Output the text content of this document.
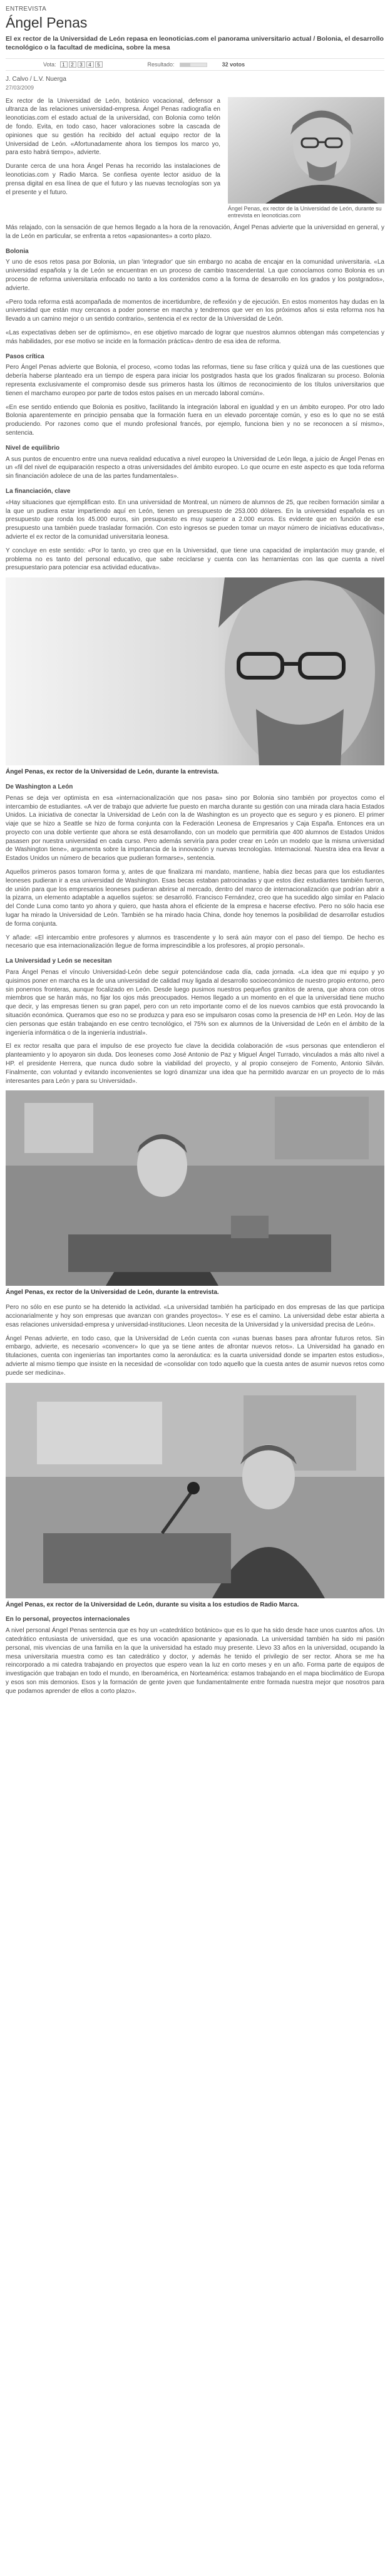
ENTREVISTA
Ángel Penas
El ex rector de la Universidad de León repasa en leonoticias.com el panorama universitario actual / Bolonia, el desarrollo tecnológico o la facultad de medicina, sobre la mesa
Vota:	1	2	3	4	5	Resultado:	32 votos
J. Calvo / L.V. Nuerga
27/03/2009
Ángel Penas, ex rector de la Universidad de León, durante su entrevista en leonoticias.com

Ex rector de la Universidad de León, botánico vocacional, defensor a ultranza de las relaciones universidad-empresa. Ángel Penas radiografía en leonoticias.com el estado actual de la universidad, con Bolonia como telón de fondo. Evita, en todo caso, hacer valoraciones sobre la cascada de opiniones que su gestión ha recibido del actual equipo rector de la Universidad de León. «Afortunadamente ahora los tiempos los marco yo, para esto habrá tiempo», advierte.

Durante cerca de una hora Ángel Penas ha recorrido las instalaciones de leonoticias.com y Radio Marca. Se confiesa oyente lector asiduo de la prensa digital en esa línea de que el futuro y las nuevas tecnologías son ya el presente y el futuro.

Más relajado, con la sensación de que hemos llegado a la hora de la renovación, Ángel Penas advierte que la universidad en general, y la de León en particular, se enfrenta a retos «apasionantes» a corto plazo.

Bolonia

Y uno de esos retos pasa por Bolonia, un plan 'integrador' que sin embargo no acaba de encajar en la comunidad universitaria. «La universidad española y la de León se encuentran en un proceso de cambio trascendental. La que conocíamos como Bolonia es un proceso de reforma universitaria enfocado no tanto a los contenidos como a la forma de desarrollo en los grados y los postgrados», advierte.

«Pero toda reforma está acompañada de momentos de incertidumbre, de reflexión y de ejecución. En estos momentos hay dudas en la universidad que están muy cercanos a poder ponerse en marcha y tendremos que ver en los próximos años si esta reforma nos ha llevado a un camino mejor o un sentido contrario», sentencia el ex rector de la Universidad de León.

«Las expectativas deben ser de optimismo», en ese objetivo marcado de lograr que nuestros alumnos obtengan más competencias y más habilidades, por ese motivo se incide en la formación práctica» dentro de esa idea de reforma.

Pasos crítica

Pero Ángel Penas advierte que Bolonia, el proceso, «como todas las reformas, tiene su fase crítica y quizá una de las cuestiones que debería haberse planteado era un tiempo de espera para iniciar los postgrados hasta que los grados finalizaran su proceso. Bolonia representa exclusivamente el compromiso desde sus primeros hasta los últimos de reconocimiento de los títulos universitarios que tienen el marchamo europeo por parte de todos estos países en un mercado laboral común».

«En ese sentido entiendo que Bolonia es positivo, facilitando la integración laboral en igualdad y en un ámbito europeo. Por otro lado Bolonia aparentemente en principio pensaba que la formación fuera en un elevado porcentaje común, y eso es lo que no se está produciendo. Por razones como que el mundo profesional francés, por ejemplo, funciona bien y no se reconocen a sí mismo», sentencia.

Nivel de equilibrio

A sus puntos de encuentro entre una nueva realidad educativa a nivel europeo la Universidad de León llega, a juicio de Ángel Penas en un «fil del nivel de equiparación respecto a otras universidades del ámbito europeo. Lo que ocurre en este aspecto es que toda reforma sin financiación adolece de una de las partes fundamentales».

La financiación, clave

«Hay situaciones que ejemplifican esto. En una universidad de Montreal, un número de alumnos de 25, que reciben formación similar a la que un pudiera estar impartiendo aquí en León, tienen un presupuesto de 253.000 dólares. En la universidad española es un presupuesto que ronda los 45.000 euros, sin presupuesto es muy superior a 2.000 euros. Es evidente que en función de ese presupuesto una también puede trasladar formación. Con esto ingresos se pueden tomar un mayor número de iniciativas educativas», advierte el ex rector de la comunidad universitaria leonesa.

Y concluye en este sentido: «Por lo tanto, yo creo que en la Universidad, que tiene una capacidad de implantación muy grande, el problema no es tanto del personal educativo, que sabe reciclarse y cuenta con las herramientas con las que cuenta a nivel presupuestario para potenciar esa actividad educativa».

Ángel Penas, ex rector de la Universidad de León, durante la entrevista.
De Washington a León

Penas se deja ver optimista en esa «internacionalización que nos pasa» sino por Bolonia sino también por proyectos como el intercambio de estudiantes. «A ver de trabajo que advierte fue puesto en marcha durante su gestión con una mirada clara hacia Estados Unidos. La iniciativa de conectar la Universidad de León con la de Washington es un proyecto que es seguro y es pionero. El primer viaje que se hizo a Seattle se hizo de forma conjunta con la Federación Leonesa de Empresarios y Caja España. Entonces era un proyecto con una doble vertiente que ahora se está desarrollando, con un modelo que permitiría que 400 alumnos de Estados Unidos pasasen por nuestra universidad en cada curso. Pero además serviría para poder crear en León un modelo que la misma universidad de Washington tiene», argumenta sobre la importancia de la innovación y nuevas tecnologías. Internacional. Nuestra idea era llevar a Estados Unidos un número de becarios que pudieran formarse», sentencia.

Aquellos primeros pasos tomaron forma y, antes de que finalizara mi mandato, mantiene, había diez becas para que los estudiantes leoneses pudieran ir a esa universidad de Washington. Esas becas estaban patrocinadas y que estos diez estudiantes también fueron, de unión para que los empresarios leoneses pudieran abrirse al mercado, dentro del marco de internacionalización que podrían abrir a la pizarra, un elemento adaptable a aquellos sujetos: se desarrolló. Francisco Fernández, creo que ha sucedido algo similar en Palacio del Conde Luna como tanto yo ahora y quiero, que hasta ahora el eficiente de la empresa e hacerse efectivo. Pero no sólo hacia ese lugar ha mirado la Universidad de León. También se ha mirado hacia China, donde hoy tenemos la posibilidad de desarrollar estudios de forma conjunta.

Y añade: «El intercambio entre profesores y alumnos es trascendente y lo será aún mayor con el paso del tiempo. De hecho es necesario que esa internacionalización llegue de forma imprescindible a los profesores, al propio personal».

La Universidad y León se necesitan

Para Ángel Penas el vínculo Universidad-León debe seguir potenciándose cada día, cada jornada. «La idea que mi equipo y yo quisimos poner en marcha es la de una universidad de calidad muy ligada al desarrollo socioeconómico de nuestro propio entorno, pero sin ponernos fronteras, aunque focalizado en León. Desde luego pusimos nuestros pequeños granitos de arena, que ahora con otros miembros que se harán más, no fijar los ojos más preocupados. Hemos llegado a un momento en el que la universidad tiene mucho que decir, y las empresas tienen su gran papel, pero con un reto importante como el de los nuevos cambios que está provocando la situación económica. Queramos que eso no se produzca y para eso se impulsaron cosas como la presencia de HP en León. Hoy de las cien personas que están trabajando en ese centro tecnológico, el 75% son ex alumnos de la Universidad de León en el ámbito de la ingeniería informática o de la ingeniería industrial».

El ex rector resalta que para el impulso de ese proyecto fue clave la decidida colaboración de «sus personas que entendieron el planteamiento y lo apoyaron sin duda. Dos leoneses como José Antonio de Paz y Miguel Ángel Turrado, vinculados a más alto nivel a HP. el presidente Herrera, que nunca dudo sobre la viabilidad del proyecto, y al propio consejero de Fomento, Antonio Silván. Finalmente, con voluntad y evitando inconvenientes se logró dinamizar una idea que ha permitido avanzar en un proyecto de lo más interesantes para León y para su Universidad».

Ángel Penas, ex rector de la Universidad de León, durante la entrevista.

Pero no sólo en ese punto se ha detenido la actividad. «La universidad también ha participado en dos empresas de las que participa accionarialmente y hoy son empresas que avanzan con grandes proyectos». Y ese es el camino. La universidad debe estar abierta a esas relaciones universidad-empresa y universidad-instituciones. Lleon necesita de la Universidad y la universidad precisa de León».

Ángel Penas advierte, en todo caso, que la Universidad de León cuenta con «unas buenas bases para afrontar futuros retos. Sin embargo, advierte, es necesario «convencer» lo que ya se tiene antes de afrontar nuevos retos». La Universidad ha ganado en titulaciones, cuenta con ingenierías tan importantes como la aeronáutica: es la cuarta universidad donde se imparten estos estudios», advierte al mismo tiempo que insiste en la necesidad de «consolidar con todo aquello que la cuesta antes de asumir nuevos retos como puede ser medicina».

Ángel Penas, ex rector de la Universidad de León, durante su visita a los estudios de Radio Marca.
En lo personal, proyectos internacionales

A nivel personal Ángel Penas sentencia que es hoy un «catedrático botánico» que es lo que ha sido desde hace unos cuantos años. Un catedrático entusiasta de universidad, que es una vocación apasionante y apasionada. La universidad también ha sido mi pasión personal, mis vivencias de una familia en la que la universidad ha estado muy presente. Llevo 33 años en la universidad, ocupando la mesa universitaria muestra como es tan catedrático y doctor, y además he tenido el privilegio de ser rector. Ahora se me ha reincorporado a mi catedra trabajando en proyectos que espero vean la luz en corto meses y en un año. Forma parte de equipos de investigación que trabajan en todo el mundo, en Iberoamérica, en Norteamérica: estamos trabajando en el mapa bioclimático de Europa y esos son mis demonios. Esos y la formación de gente joven que fundamentalmente entre formada nuestra mejor que nosotros para que podamos aprender de ellos a corto plazo».
